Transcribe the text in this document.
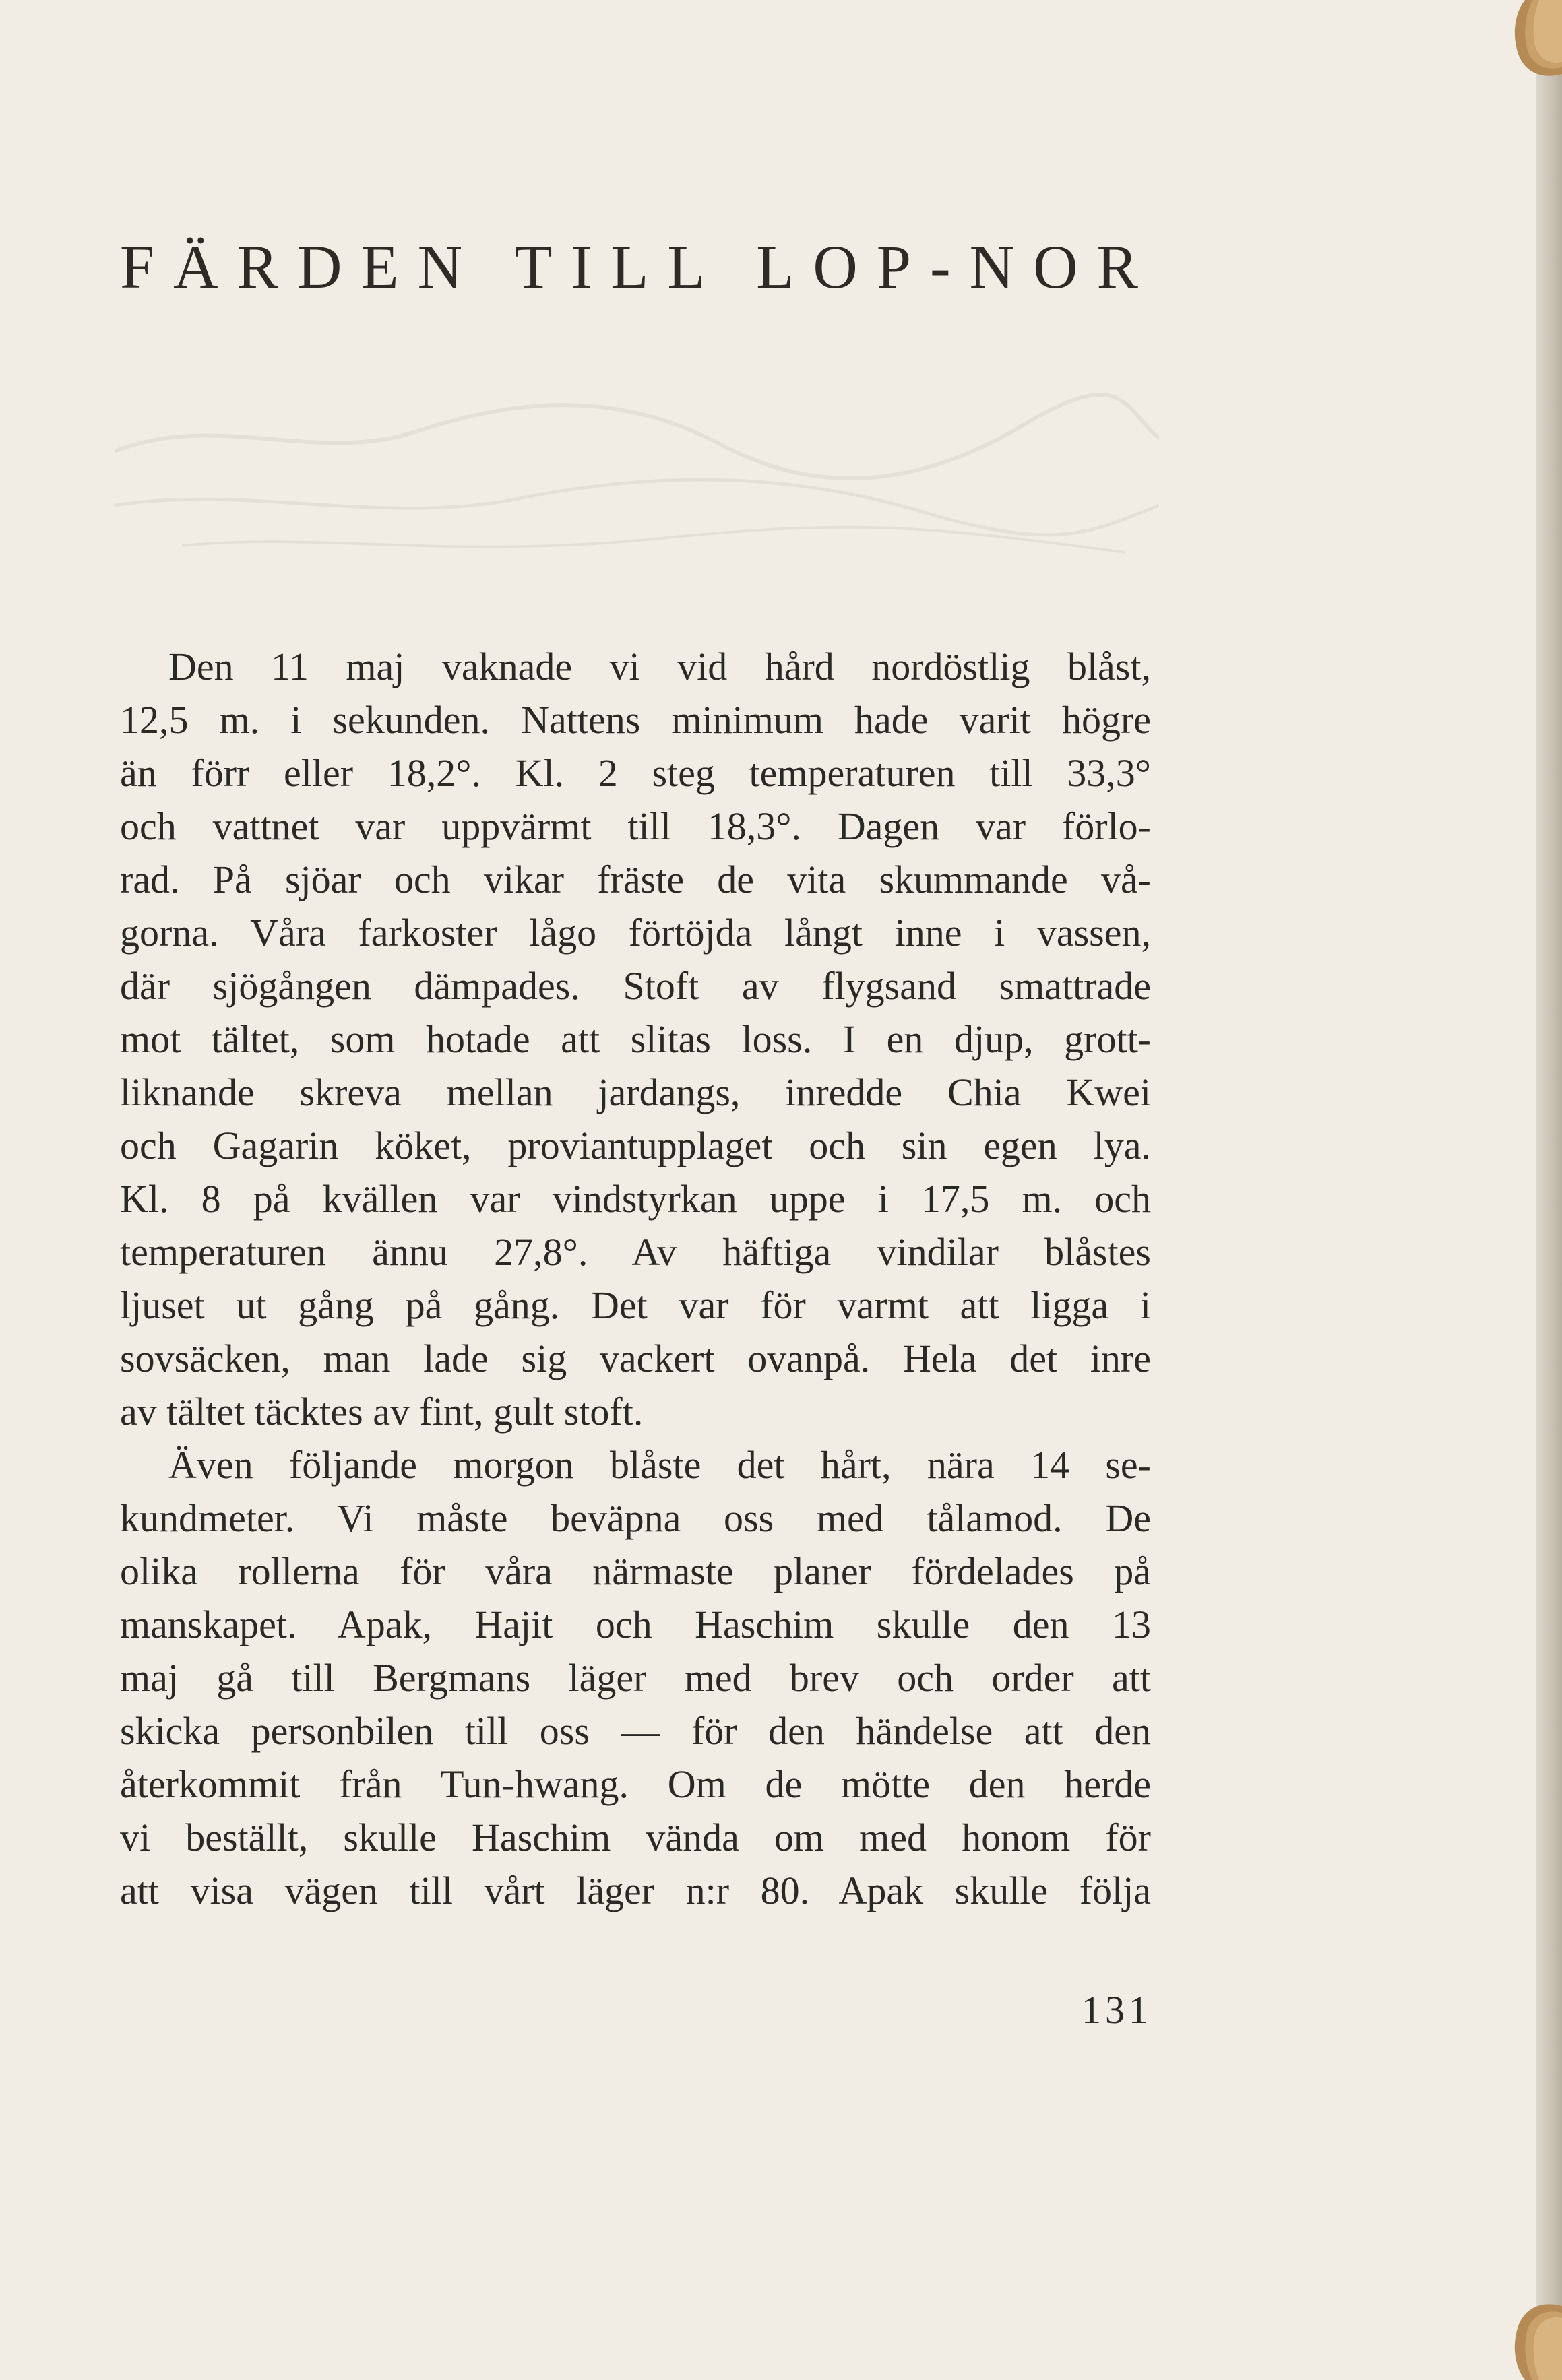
FÄRDEN TILL LOP-NOR

Den 11 maj vaknade vi vid hård nordöstlig blåst,
12,5 m. i sekunden. Nattens minimum hade varit högre
än förr eller 18,2°. Kl. 2 steg temperaturen till 33,3°
och vattnet var uppvärmt till 18,3°. Dagen var förlo-
rad. På sjöar och vikar fräste de vita skummande vå-
gorna. Våra farkoster lågo förtöjda långt inne i vassen,
där sjögången dämpades. Stoft av flygsand smattrade
mot tältet, som hotade att slitas loss. I en djup, grott-
liknande skreva mellan jardangs, inredde Chia Kwei
och Gagarin köket, proviantupplaget och sin egen lya.
Kl. 8 på kvällen var vindstyrkan uppe i 17,5 m. och
temperaturen ännu 27,8°. Av häftiga vindilar blåstes
ljuset ut gång på gång. Det var för varmt att ligga i
sovsäcken, man lade sig vackert ovanpå. Hela det inre
av tältet täcktes av fint, gult stoft.

Även följande morgon blåste det hårt, nära 14 se-
kundmeter. Vi måste beväpna oss med tålamod. De
olika rollerna för våra närmaste planer fördelades på
manskapet. Apak, Hajit och Haschim skulle den 13
maj gå till Bergmans läger med brev och order att
skicka personbilen till oss — för den händelse att den
återkommit från Tun-hwang. Om de mötte den herde
vi beställt, skulle Haschim vända om med honom för
att visa vägen till vårt läger n:r 80. Apak skulle följa

131
